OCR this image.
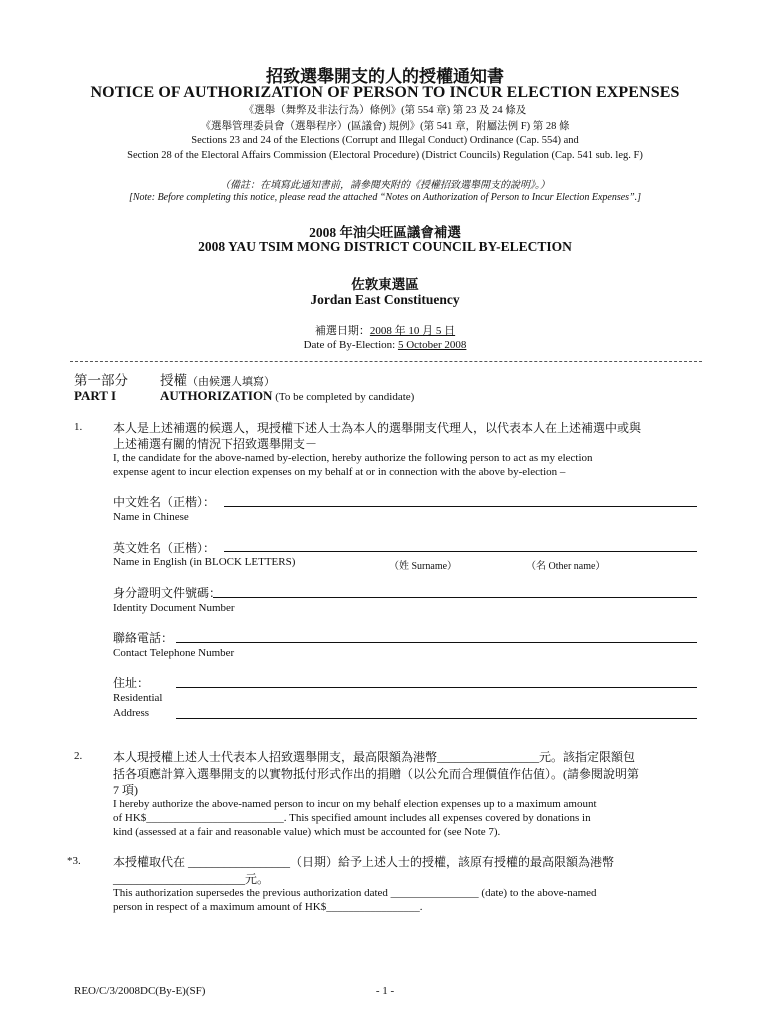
招致選舉開支的人的授權通知書
NOTICE OF AUTHORIZATION OF PERSON TO INCUR ELECTION EXPENSES
《選舉（舞弊及非法行為）條例》(第 554 章) 第 23 及 24 條及
《選舉管理委員會（選舉程序）(區議會) 規例》(第 541 章，附屬法例 F) 第 28 條
Sections 23 and 24 of the Elections (Corrupt and Illegal Conduct) Ordinance (Cap. 554) and
Section 28 of the Electoral Affairs Commission (Electoral Procedure) (District Councils) Regulation (Cap. 541 sub. leg. F)
（備註：在填寫此通知書前，請參閱夾附的《授權招致選舉開支的說明》。）
[Note: Before completing this notice, please read the attached “Notes on Authorization of Person to Incur Election Expenses”.]
2008 年油尖旺區議會補選
2008 YAU TSIM MONG DISTRICT COUNCIL BY-ELECTION
佐敦東選區
Jordan East Constituency
補選日期：2008 年 10 月 5 日
Date of By-Election: 5 October 2008
第一部分 授權（由候選人填寫）
PART I	AUTHORIZATION (To be completed by candidate)
1.	本人是上述補選的候選人，現授權下述人士為本人的選舉開支代理人，以代表本人在上述補選中或與
上述補選有關的情況下招致選舉開支－
I, the candidate for the above-named by-election, hereby authorize the following person to act as my election
expense agent to incur election expenses on my behalf at or in connection with the above by-election –
中文姓名（正楷）：
Name in Chinese
英文姓名（正楷）：
Name in English (in BLOCK LETTERS)	（姓 Surname）	（名 Other name）
身分證明文件號碼：
Identity Document Number
聯絡電話：
Contact Telephone Number
住址：
Residential
Address
2.	本人現授權上述人士代表本人招致選舉開支，最高限額為港幣_________________元。該指定限額包
括各項應計算入選舉開支的以實物抵付形式作出的捐贈（以公允而合理價值作估值）。(請參閱說明第
7 項)
I hereby authorize the above-named person to incur on my behalf election expenses up to a maximum amount
of HK$_________________________. This specified amount includes all expenses covered by donations in
kind (assessed at a fair and reasonable value) which must be accounted for (see Note 7).
*3.	本授權取代在 _________________（日期）給予上述人士的授權，該原有授權的最高限額為港幣
______________________元。
This authorization supersedes the previous authorization dated ________________ (date) to the above-named
person in respect of a maximum amount of HK$_________________.
REO/C/3/2008DC(By-E)(SF)	- 1 -
